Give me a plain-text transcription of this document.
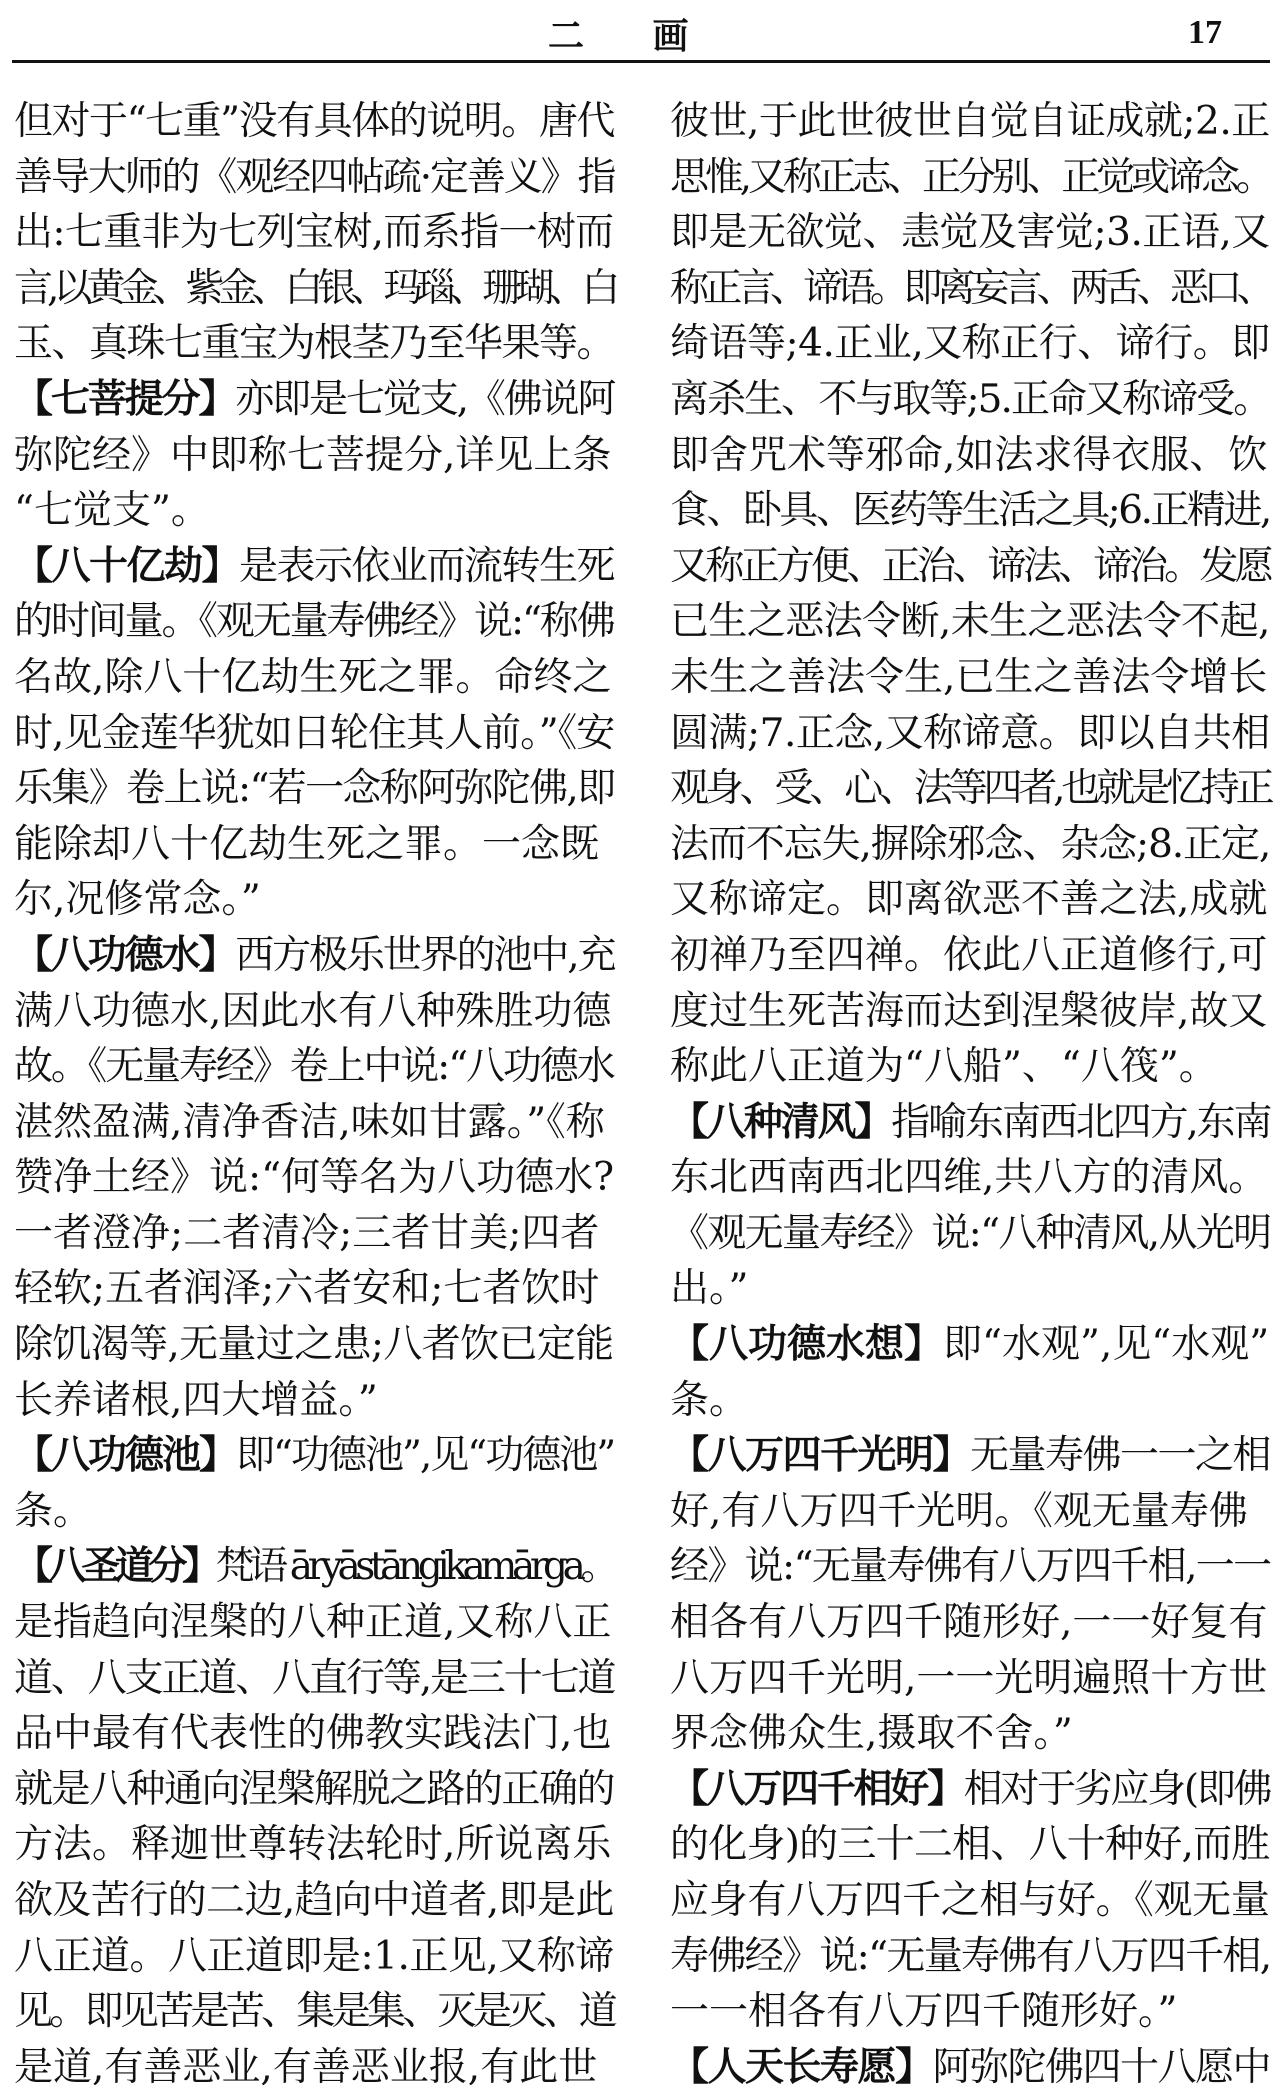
二 画	17
但对于“七重”没有具体的说明。唐代
善导大师的《观经四帖疏·定善义》指
出:七重非为七列宝树,而系指一树而
言,以黄金、紫金、白银、玛瑙、珊瑚、白
玉、真珠七重宝为根茎乃至华果等。
【七菩提分】亦即是七觉支,《佛说阿
弥陀经》中即称七菩提分,详见上条
“七觉支”。
【八十亿劫】是表示依业而流转生死
的时间量。《观无量寿佛经》说:“称佛
名故,除八十亿劫生死之罪。命终之
时,见金莲华犹如日轮住其人前。”《安
乐集》卷上说:“若一念称阿弥陀佛,即
能除却八十亿劫生死之罪。一念既
尔,况修常念。”
【八功德水】西方极乐世界的池中,充
满八功德水,因此水有八种殊胜功德
故。《无量寿经》卷上中说:“八功德水
湛然盈满,清净香洁,味如甘露。”《称
赞净土经》说:“何等名为八功德水?
一者澄净;二者清冷;三者甘美;四者
轻软;五者润泽;六者安和;七者饮时
除饥渴等,无量过之患;八者饮已定能
长养诸根,四大增益。”
【八功德池】即“功德池”,见“功德池”
条。
【八圣道分】梵语 āryāstāngikamārga。
是指趋向涅槃的八种正道,又称八正
道、八支正道、八直行等,是三十七道
品中最有代表性的佛教实践法门,也
就是八种通向涅槃解脱之路的正确的
方法。释迦世尊转法轮时,所说离乐
欲及苦行的二边,趋向中道者,即是此
八正道。八正道即是:1.正见,又称谛
见。即见苦是苦、集是集、灭是灭、道
是道,有善恶业,有善恶业报,有此世
彼世,于此世彼世自觉自证成就;2.正
思惟,又称正志、正分别、正觉或谛念。
即是无欲觉、恚觉及害觉;3.正语,又
称正言、谛语。即离妄言、两舌、恶口、
绮语等;4.正业,又称正行、谛行。即
离杀生、不与取等;5.正命又称谛受。
即舍咒术等邪命,如法求得衣服、饮
食、卧具、医药等生活之具;6.正精进,
又称正方便、正治、谛法、谛治。发愿
已生之恶法令断,未生之恶法令不起,
未生之善法令生,已生之善法令增长
圆满;7.正念,又称谛意。即以自共相
观身、受、心、法等四者,也就是忆持正
法而不忘失,摒除邪念、杂念;8.正定,
又称谛定。即离欲恶不善之法,成就
初禅乃至四禅。依此八正道修行,可
度过生死苦海而达到涅槃彼岸,故又
称此八正道为“八船”、“八筏”。
【八种清风】指喻东南西北四方,东南
东北西南西北四维,共八方的清风。
《观无量寿经》说:“八种清风,从光明
出。”
【八功德水想】即“水观”,见“水观”
条。
【八万四千光明】无量寿佛一一之相
好,有八万四千光明。《观无量寿佛
经》说:“无量寿佛有八万四千相,一一
相各有八万四千随形好,一一好复有
八万四千光明,一一光明遍照十方世
界念佛众生,摄取不舍。”
【八万四千相好】相对于劣应身(即佛
的化身)的三十二相、八十种好,而胜
应身有八万四千之相与好。《观无量
寿佛经》说:“无量寿佛有八万四千相,
一一相各有八万四千随形好。”
【人天长寿愿】阿弥陀佛四十八愿中
